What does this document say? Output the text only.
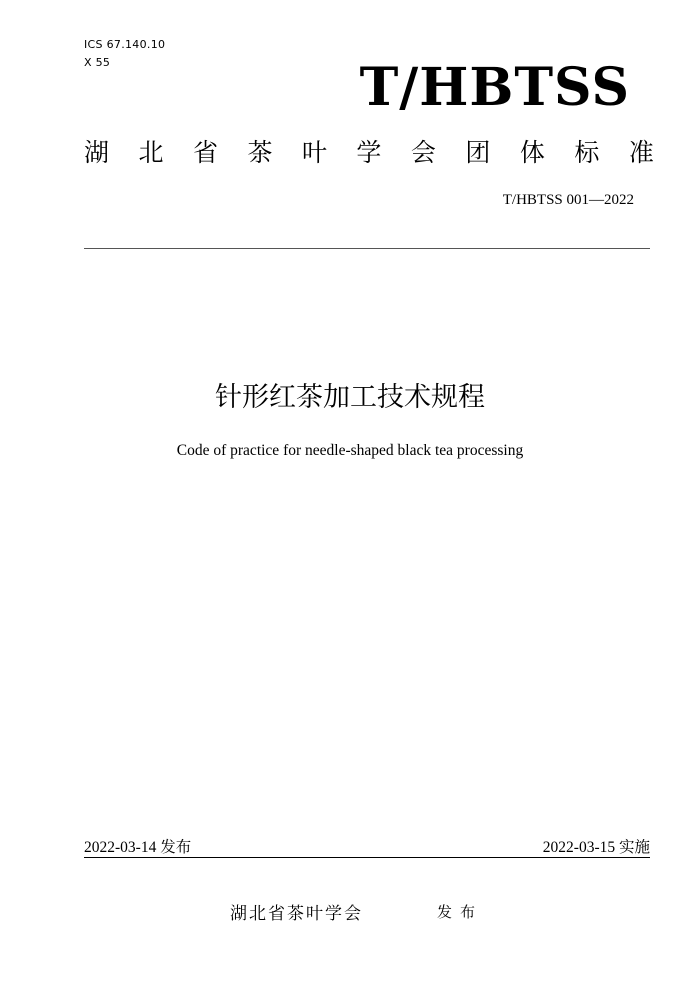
ICS 67.140.10
X 55	T/HBTSS
湖 北 省 茶 叶 学 会 团 体 标 准
T/HBTSS 001—2022
针形红茶加工技术规程
Code of practice for needle-shaped black tea processing
2022-03-14 发布	2022-03-15 实施
湖北省茶叶学会	发布
